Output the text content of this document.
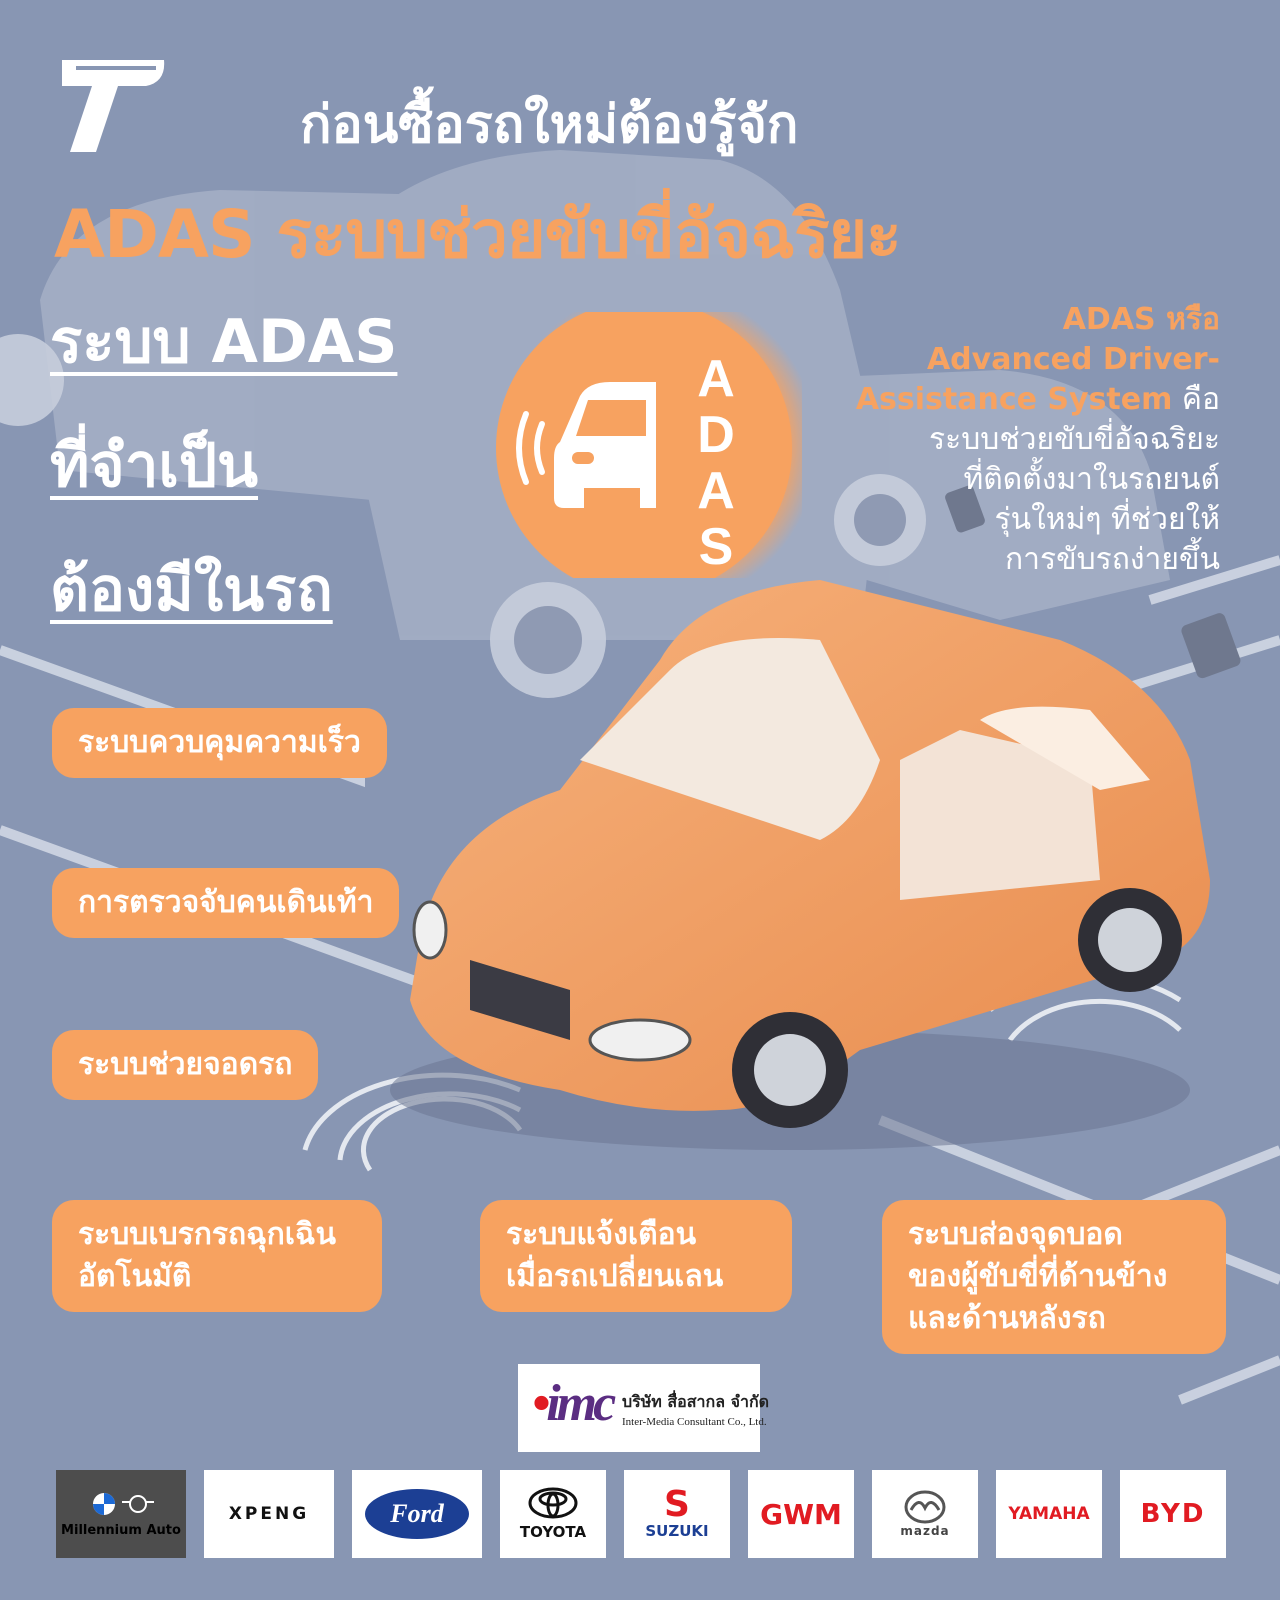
ก่อนซื้อรถใหม่ต้องรู้จัก
ADAS ระบบช่วยขับขี่อัจฉริยะ
ระบบ ADAS
ที่จำเป็น
ต้องมีในรถ
A
D
A
S
ADAS หรือ
Advanced Driver-
Assistance System คือ
ระบบช่วยขับขี่อัจฉริยะ
ที่ติดตั้งมาในรถยนต์
รุ่นใหม่ๆ ที่ช่วยให้
การขับรถง่ายขึ้น
ระบบควบคุมความเร็ว
การตรวจจับคนเดินเท้า
ระบบช่วยจอดรถ
ระบบเบรกรถฉุกเฉิน
อัตโนมัติ
ระบบแจ้งเตือน
เมื่อรถเปลี่ยนเลน
ระบบส่องจุดบอด
ของผู้ขับขี่ที่ด้านข้าง
และด้านหลังรถ
•imc บริษัท สื่อสากล จำกัด
Inter-Media Consultant Co., Ltd.
Millennium Auto
XPENG	Ford
TOYOTA
S
SUZUKI
GWM
mazda
YAMAHA BYD
